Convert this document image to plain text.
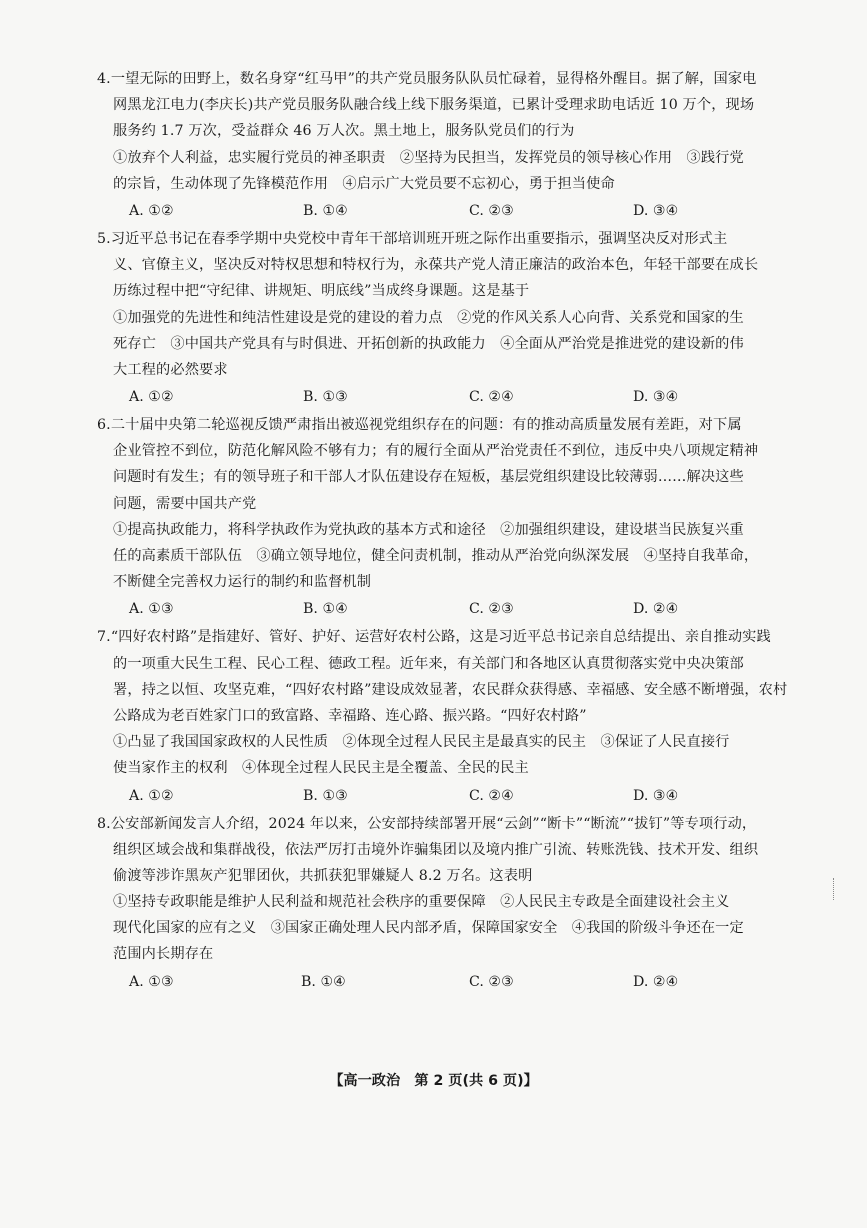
4.一望无际的田野上，数名身穿“红马甲”的共产党员服务队队员忙碌着，显得格外醒目。据了解，国家电
网黑龙江电力(李庆长)共产党员服务队融合线上线下服务渠道，已累计受理求助电话近 10 万个，现场
服务约 1.7 万次，受益群众 46 万人次。黑土地上，服务队党员们的行为
①放弃个人利益，忠实履行党员的神圣职责　②坚持为民担当，发挥党员的领导核心作用　③践行党
的宗旨，生动体现了先锋模范作用　④启示广大党员要不忘初心，勇于担当使命
A. ①②	B. ①④	C. ②③	D. ③④
5.习近平总书记在春季学期中央党校中青年干部培训班开班之际作出重要指示，强调坚决反对形式主
义、官僚主义，坚决反对特权思想和特权行为，永葆共产党人清正廉洁的政治本色，年轻干部要在成长
历练过程中把“守纪律、讲规矩、明底线”当成终身课题。这是基于
①加强党的先进性和纯洁性建设是党的建设的着力点　②党的作风关系人心向背、关系党和国家的生
死存亡　③中国共产党具有与时俱进、开拓创新的执政能力　④全面从严治党是推进党的建设新的伟
大工程的必然要求
A. ①②	B. ①③	C. ②④	D. ③④
6.二十届中央第二轮巡视反馈严肃指出被巡视党组织存在的问题：有的推动高质量发展有差距，对下属
企业管控不到位，防范化解风险不够有力；有的履行全面从严治党责任不到位，违反中央八项规定精神
问题时有发生；有的领导班子和干部人才队伍建设存在短板，基层党组织建设比较薄弱……解决这些
问题，需要中国共产党
①提高执政能力，将科学执政作为党执政的基本方式和途径　②加强组织建设，建设堪当民族复兴重
任的高素质干部队伍　③确立领导地位，健全问责机制，推动从严治党向纵深发展　④坚持自我革命，
不断健全完善权力运行的制约和监督机制
A. ①③	B. ①④	C. ②③	D. ②④
7.“四好农村路”是指建好、管好、护好、运营好农村公路，这是习近平总书记亲自总结提出、亲自推动实践
的一项重大民生工程、民心工程、德政工程。近年来，有关部门和各地区认真贯彻落实党中央决策部
署，持之以恒、攻坚克难，“四好农村路”建设成效显著，农民群众获得感、幸福感、安全感不断增强，农村
公路成为老百姓家门口的致富路、幸福路、连心路、振兴路。“四好农村路”
①凸显了我国国家政权的人民性质　②体现全过程人民民主是最真实的民主　③保证了人民直接行
使当家作主的权利　④体现全过程人民民主是全覆盖、全民的民主
A. ①②	B. ①③	C. ②④	D. ③④
8.公安部新闻发言人介绍，2024 年以来，公安部持续部署开展“云剑”“断卡”“断流”“拔钉”等专项行动，
组织区域会战和集群战役，依法严厉打击境外诈骗集团以及境内推广引流、转账洗钱、技术开发、组织
偷渡等涉诈黑灰产犯罪团伙，共抓获犯罪嫌疑人 8.2 万名。这表明
①坚持专政职能是维护人民利益和规范社会秩序的重要保障　②人民民主专政是全面建设社会主义
现代化国家的应有之义　③国家正确处理人民内部矛盾，保障国家安全　④我国的阶级斗争还在一定
范围内长期存在
A. ①③	B. ①④	C. ②③	D. ②④
【高一政治　第 2 页(共 6 页)】
